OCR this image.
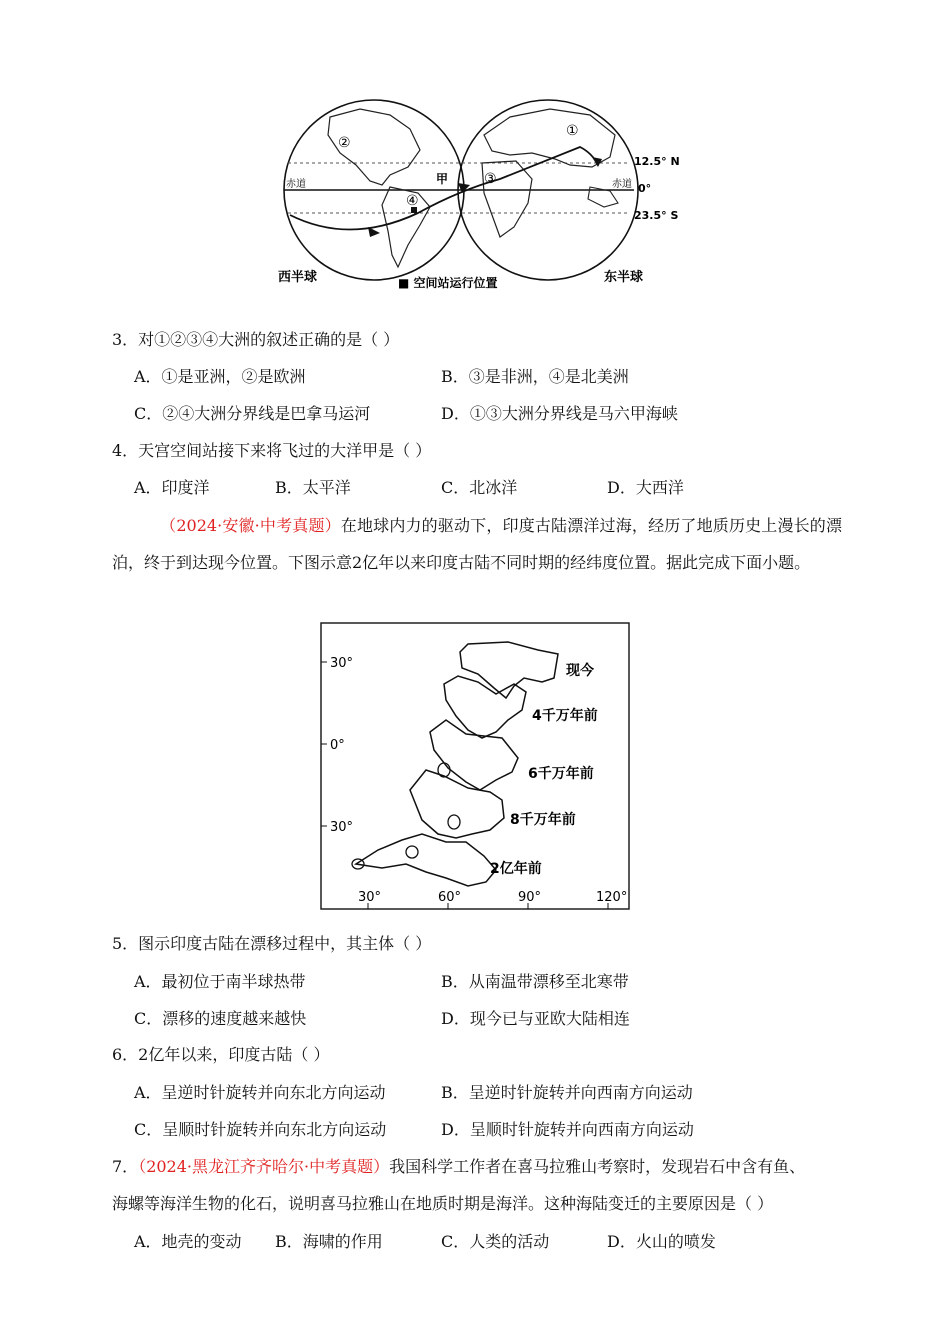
赤道	赤道
甲
12.5° N
0°
23.5° S
西半球	东半球
■ 空间站运行位置
①
②
③
④
3．对①②③④大洲的叙述正确的是（ ）
A．①是亚洲，②是欧洲	B．③是非洲，④是北美洲
C．②④大洲分界线是巴拿马运河	D．①③大洲分界线是马六甲海峡
4．天宫空间站接下来将飞过的大洋甲是（ ）
A．印度洋	B．太平洋	C．北冰洋	D．大西洋
（2024·安徽·中考真题）在地球内力的驱动下，印度古陆漂洋过海，经历了地质历史上漫长的漂泊，终于到达现今位置。下图示意2亿年以来印度古陆不同时期的经纬度位置。据此完成下面小题。
30°
0°
30°
30°	60°	90°	120°
现今
4千万年前
6千万年前
8千万年前
2亿年前
5．图示印度古陆在漂移过程中，其主体（ ）
A．最初位于南半球热带	B．从南温带漂移至北寒带
C．漂移的速度越来越快	D．现今已与亚欧大陆相连
6．2亿年以来，印度古陆（ ）
A．呈逆时针旋转并向东北方向运动	B．呈逆时针旋转并向西南方向运动
C．呈顺时针旋转并向东北方向运动	D．呈顺时针旋转并向西南方向运动
7．（2024·黑龙江齐齐哈尔·中考真题）我国科学工作者在喜马拉雅山考察时，发现岩石中含有鱼、
海螺等海洋生物的化石，说明喜马拉雅山在地质时期是海洋。这种海陆变迁的主要原因是（ ）
A．地壳的变动 B．海啸的作用	C．人类的活动	D．火山的喷发
